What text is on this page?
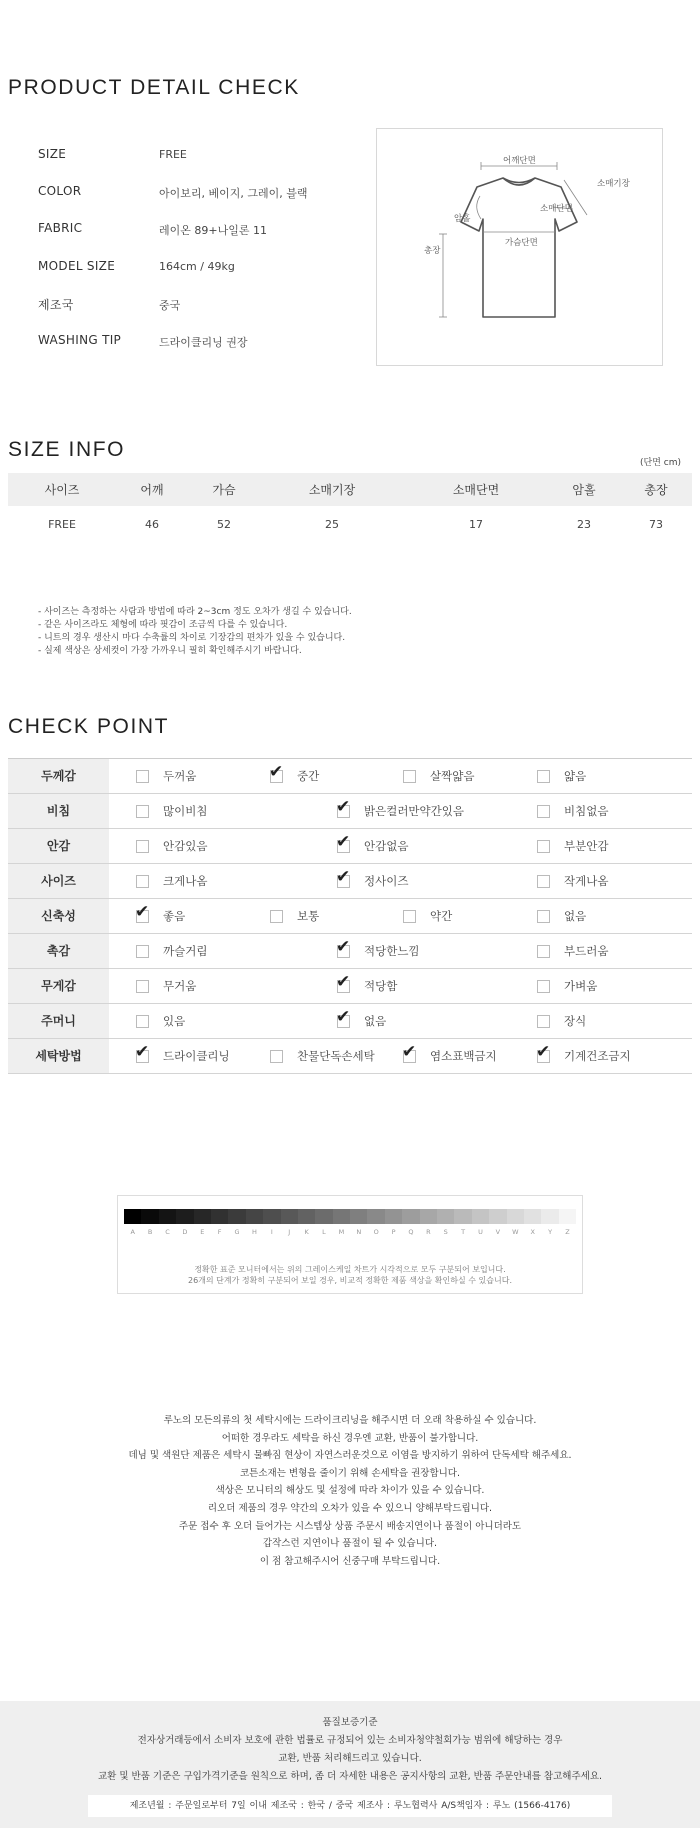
PRODUCT DETAIL CHECK
SIZE	FREE
COLOR	아이보리, 베이지, 그레이, 블랙
FABRIC	레이온 89+나일론 11
MODEL SIZE	164cm / 49kg
제조국	중국
WASHING TIP	드라이클리닝 권장
어깨단면
소매기장
암홀
소매단면
가슴단면
총장
SIZE INFO
(단면 cm)
사이즈	어깨	가슴	소매기장	소매단면	암홀	총장
FREE	46	52	25	17	23	73
- 사이즈는 측정하는 사람과 방법에 따라 2~3cm 정도 오차가 생길 수 있습니다.
- 같은 사이즈라도 체형에 따라 핏감이 조금씩 다를 수 있습니다.
- 니트의 경우 생산시 마다 수축률의 차이로 기장감의 편차가 있을 수 있습니다.
- 실제 색상은 상세컷이 가장 가까우니 필히 확인해주시기 바랍니다.
CHECK POINT
두께감	두꺼움	✔ 중간	살짝얇음	얇음
비침	많이비침	✔ 밝은컬러만약간있음	비침없음
안감	안감있음	✔ 안감없음	부분안감
사이즈	크게나옴	✔ 정사이즈	작게나옴
신축성	✔ 좋음	보통	약간	없음
촉감	까슬거림	✔ 적당한느낌	부드러움
무게감	무거움	✔ 적당함	가벼움
주머니	있음	✔ 없음	장식
세탁방법	✔ 드라이클리닝	찬물단독손세탁 ✔ 염소표백금지 ✔ 기계건조금지
A	B	C	D	E	F	G	H	I	J	K	L	M	N	O	P	Q	R	S	T	U	V	W	X	Y	Z
정확한 표준 모니터에서는 위의 그레이스케일 차트가 시각적으로 모두 구분되어 보입니다.
26개의 단계가 정확히 구분되어 보일 경우, 비교적 정확한 제품 색상을 확인하실 수 있습니다.
루노의 모든의류의 첫 세탁시에는 드라이크리닝을 해주시면 더 오래 착용하실 수 있습니다.
어떠한 경우라도 세탁을 하신 경우엔 교환, 반품이 불가합니다.
데님 및 색원단 제품은 세탁시 물빠짐 현상이 자연스러운것으로 이염을 방지하기 위하여 단독세탁 해주세요.
코튼소재는 변형을 줄이기 위해 손세탁을 권장합니다.
색상은 모니터의 해상도 및 설정에 따라 차이가 있을 수 있습니다.
리오더 제품의 경우 약간의 오차가 있을 수 있으니 양해부탁드립니다.
주문 접수 후 오더 들어가는 시스템상 상품 주문시 배송지연이나 품절이 아니더라도
갑작스런 지연이나 품절이 될 수 있습니다.
이 점 참고해주시어 신중구매 부탁드립니다.
품질보증기준
전자상거래등에서 소비자 보호에 관한 법률로 규정되어 있는 소비자청약철회가능 범위에 해당하는 경우
교환, 반품 처리해드리고 있습니다.
교환 및 반품 기준은 구입가격기준을 원칙으로 하며, 좀 더 자세한 내용은 공지사항의 교환, 반품 주문안내를 참고해주세요.
제조년월 : 주문일로부터 7일 이내 제조국 : 한국 / 중국 제조사 : 루노협력사 A/S책임자 : 루노 (1566-4176)
